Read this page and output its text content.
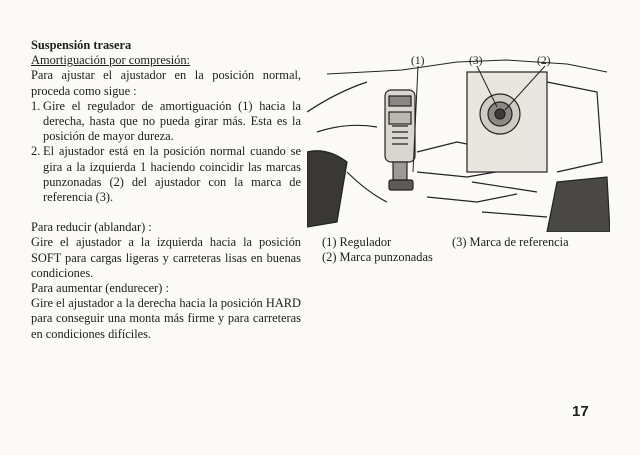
Suspensión trasera

Amortiguación por compresión:

Para ajustar el ajustador en la posición normal, proceda como sigue :

1. Gire el regulador de amortiguación (1) hacia la derecha, hasta que no pueda girar más. Esta es la posición de mayor dureza.
2. El ajustador está en la posición normal cuando se gira a la izquierda 1 haciendo coincidir las marcas punzonadas (2) del ajustador con la marca de referencia (3).

Para reducir (ablandar) :

Gire el ajustador a la izquierda hacia la posición SOFT para cargas ligeras y carreteras lisas en buenas condiciones.

Para aumentar (endurecer) :

Gire el ajustador a la derecha hacia la posición HARD para conseguir una monta más firme y para carreteras en condiciones difíciles.

(1)	(3)	(2)
(1) Regulador	(3) Marca de referencia
(2) Marca punzonadas
17
